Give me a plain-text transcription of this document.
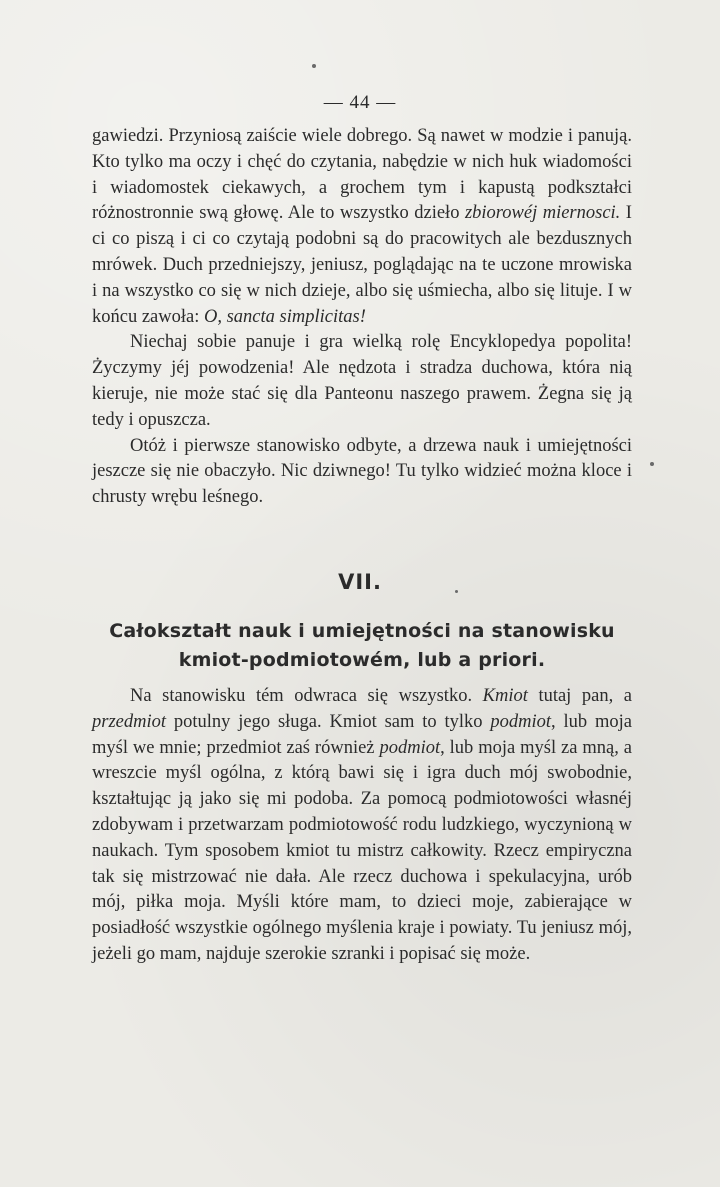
— 44 —

gawiedzi. Przyniosą zaiście wiele dobrego. Są nawet w modzie i panują. Kto tylko ma oczy i chęć do czytania, nabędzie w nich huk wiadomości i wiadomostek ciekawych, a grochem tym i kapustą podkształci różnostronnie swą głowę. Ale to wszystko dzieło zbiorowéj miernosci. I ci co piszą i ci co czytają podobni są do pracowitych ale bezdusznych mrówek. Duch przedniejszy, jeniusz, poglądając na te uczone mrowiska i na wszystko co się w nich dzieje, albo się uśmiecha, albo się lituje. I w końcu zawoła: O, sancta simplicitas!

Niechaj sobie panuje i gra wielką rolę Encyklopedya popolita! Życzymy jéj powodzenia! Ale nędzota i stradza duchowa, która nią kieruje, nie może stać się dla Panteonu naszego prawem. Żegna się ją tedy i opuszcza.

Otóż i pierwsze stanowisko odbyte, a drzewa nauk i umiejętności jeszcze się nie obaczyło. Nic dziwnego! Tu tylko widzieć można kloce i chrusty wrębu leśnego.

VII.
Całokształt nauk i umiejętności na stanowisku kmiot-podmiotowém, lub a priori.

Na stanowisku tém odwraca się wszystko. Kmiot tutaj pan, a przedmiot potulny jego sługa. Kmiot sam to tylko podmiot, lub moja myśl we mnie; przedmiot zaś również podmiot, lub moja myśl za mną, a wreszcie myśl ogólna, z którą bawi się i igra duch mój swobodnie, kształtując ją jako się mi podoba. Za pomocą podmiotowości własnéj zdobywam i przetwarzam podmiotowość rodu ludzkiego, wyczynioną w naukach. Tym sposobem kmiot tu mistrz całkowity. Rzecz empiryczna tak się mistrzować nie dała. Ale rzecz duchowa i spekulacyjna, urób mój, piłka moja. Myśli które mam, to dzieci moje, zabierające w posiadłość wszystkie ogólnego myślenia kraje i powiaty. Tu jeniusz mój, jeżeli go mam, najduje szerokie szranki i popisać się może.
